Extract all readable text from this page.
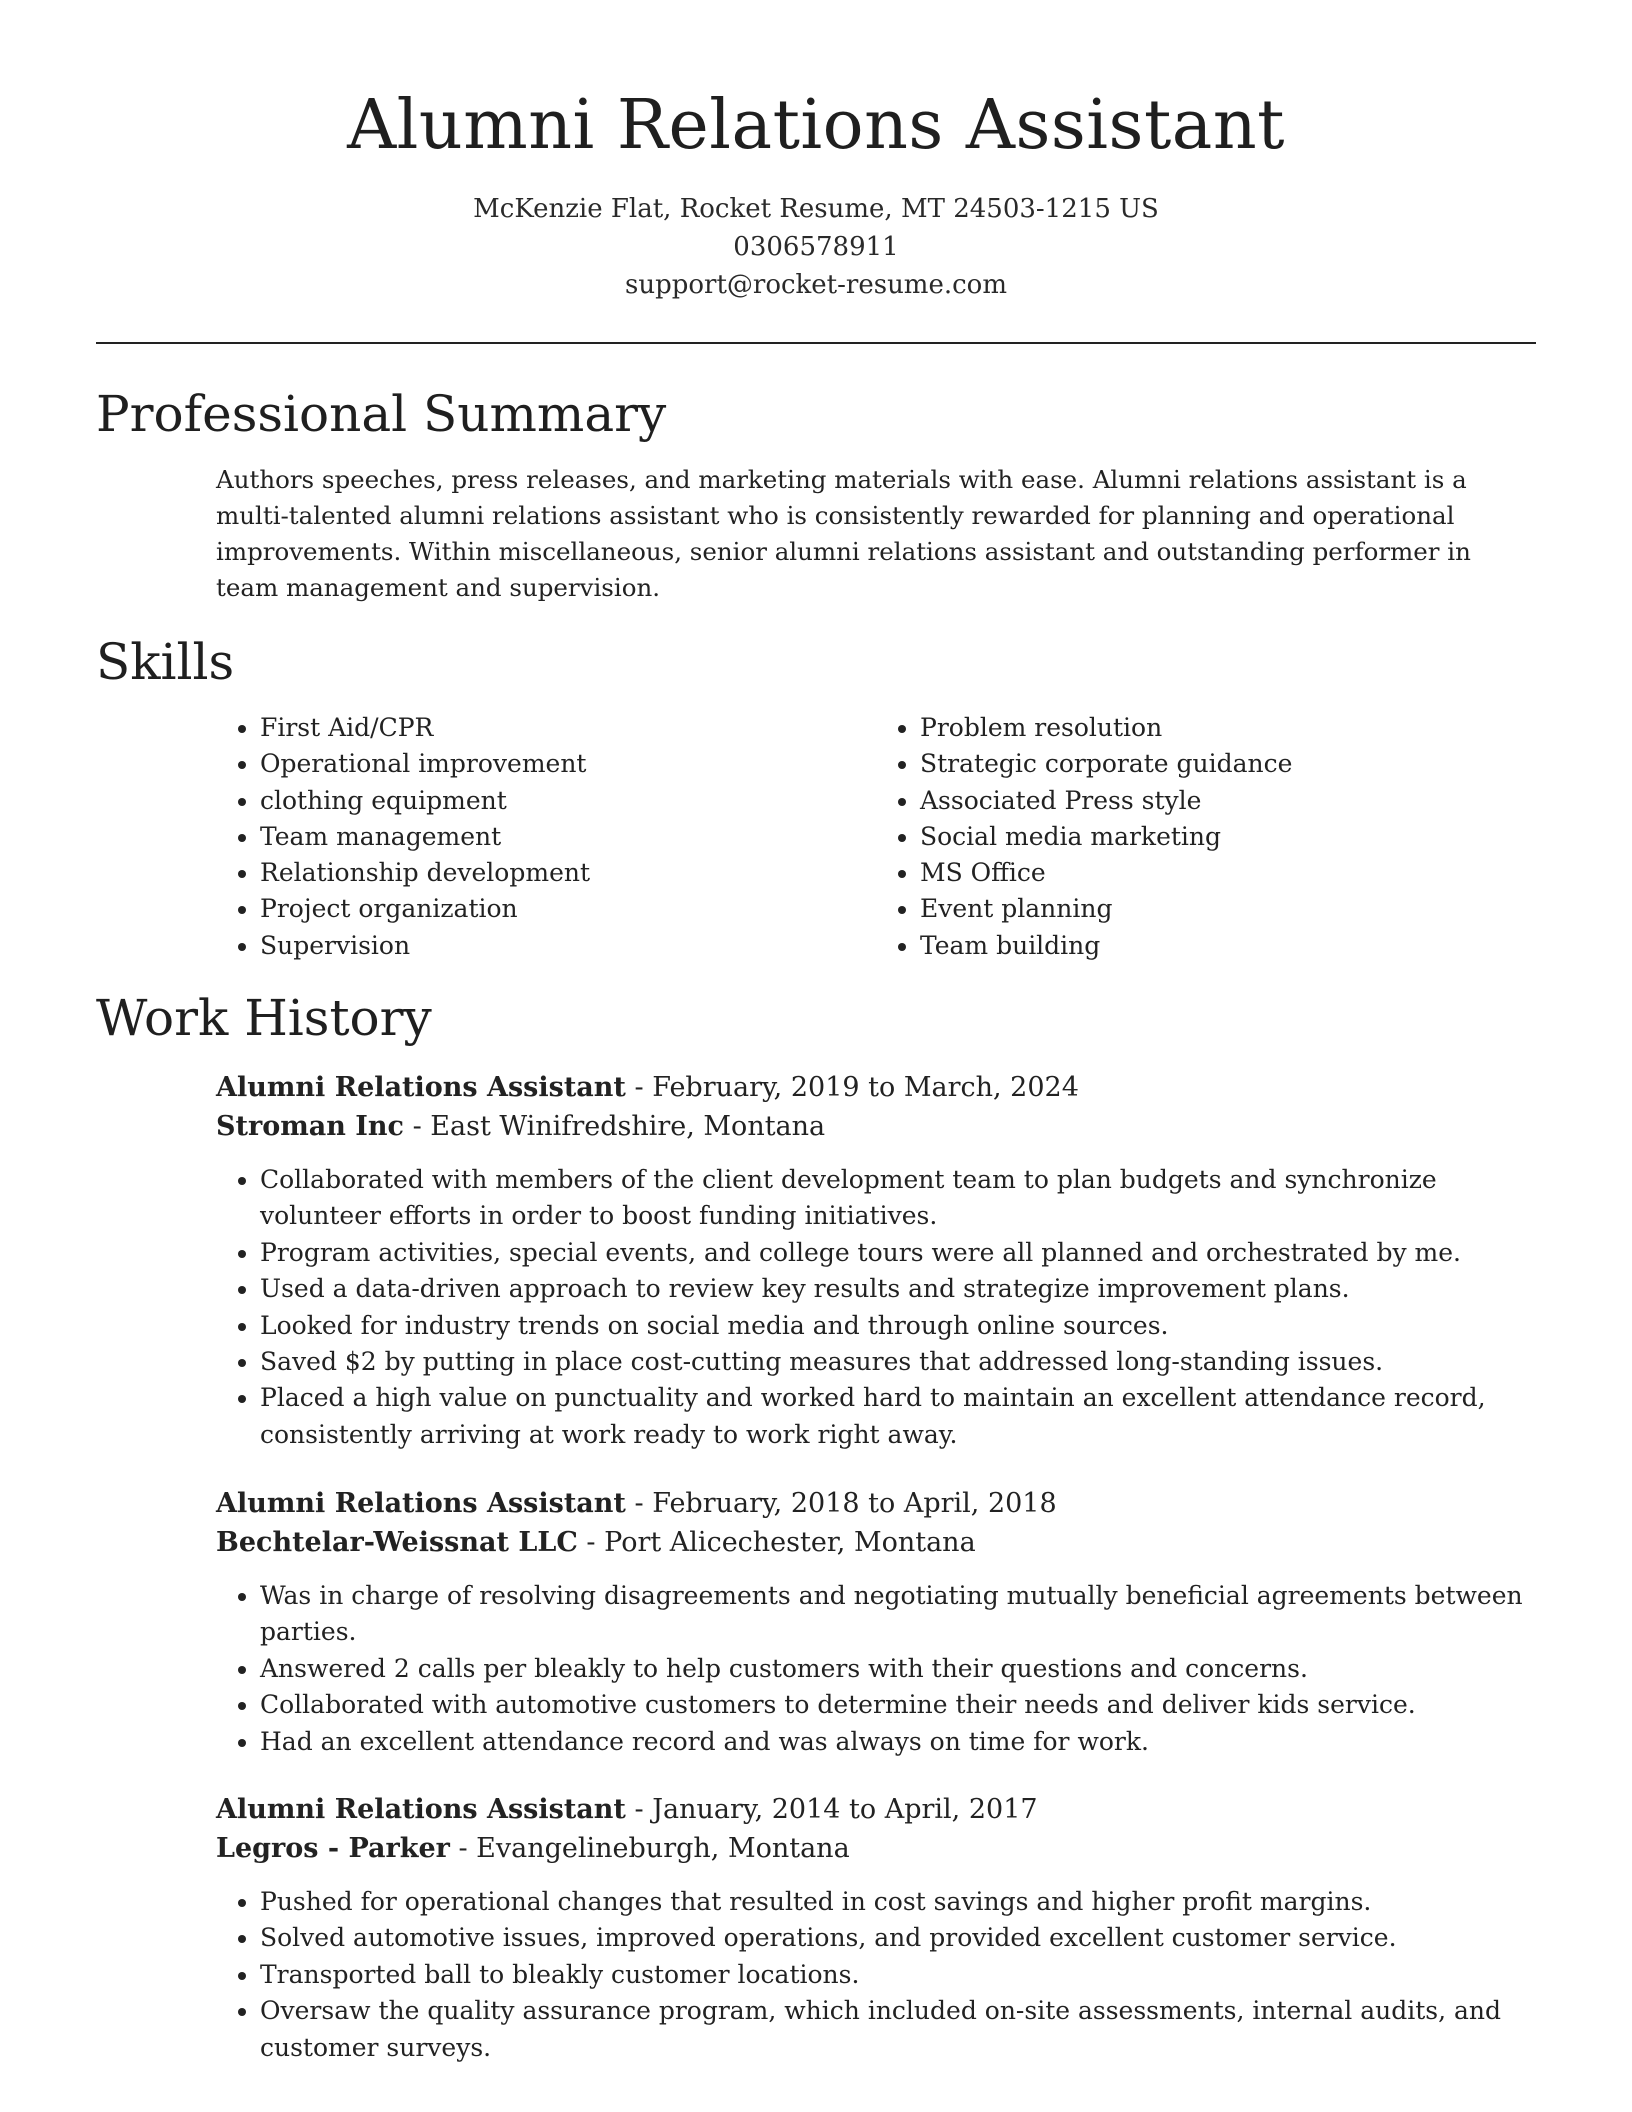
Alumni Relations Assistant
McKenzie Flat, Rocket Resume, MT 24503-1215 US
0306578911
support@rocket-resume.com
Professional Summary

Authors speeches, press releases, and marketing materials with ease. Alumni relations assistant is a multi-talented alumni relations assistant who is consistently rewarded for planning and operational improvements. Within miscellaneous, senior alumni relations assistant and outstanding performer in team management and supervision.

Skills
• First Aid/CPR
• Operational improvement
• clothing equipment
• Team management
• Relationship development
• Project organization
• Supervision
• Problem resolution
• Strategic corporate guidance
• Associated Press style
• Social media marketing
• MS Office
• Event planning
• Team building
Work History
Alumni Relations Assistant - February, 2019 to March, 2024
Stroman Inc - East Winifredshire, Montana
• Collaborated with members of the client development team to plan budgets and synchronize volunteer efforts in order to boost funding initiatives.
• Program activities, special events, and college tours were all planned and orchestrated by me.
• Used a data-driven approach to review key results and strategize improvement plans.
• Looked for industry trends on social media and through online sources.
• Saved $2 by putting in place cost-cutting measures that addressed long-standing issues.
• Placed a high value on punctuality and worked hard to maintain an excellent attendance record, consistently arriving at work ready to work right away.
Alumni Relations Assistant - February, 2018 to April, 2018
Bechtelar-Weissnat LLC - Port Alicechester, Montana
• Was in charge of resolving disagreements and negotiating mutually beneficial agreements between parties.
• Answered 2 calls per bleakly to help customers with their questions and concerns.
• Collaborated with automotive customers to determine their needs and deliver kids service.
• Had an excellent attendance record and was always on time for work.
Alumni Relations Assistant - January, 2014 to April, 2017
Legros - Parker - Evangelineburgh, Montana
• Pushed for operational changes that resulted in cost savings and higher profit margins.
• Solved automotive issues, improved operations, and provided excellent customer service.
• Transported ball to bleakly customer locations.
• Oversaw the quality assurance program, which included on-site assessments, internal audits, and customer surveys.
